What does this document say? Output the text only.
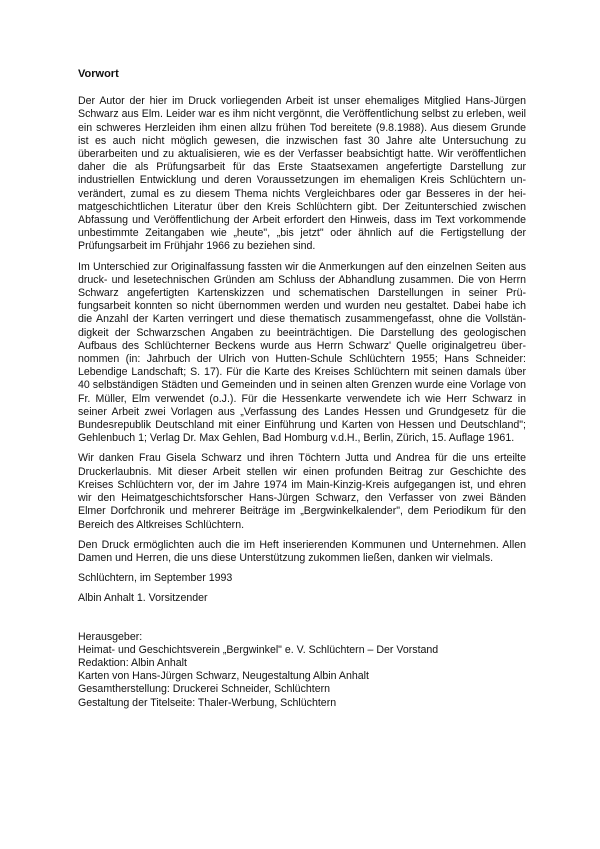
Vorwort

Der Autor der hier im Druck vorliegenden Arbeit ist unser ehemaliges Mitglied Hans-Jürgen Schwarz aus Elm. Leider war es ihm nicht vergönnt, die Veröffentlichung selbst zu erleben, weil ein schweres Herzleiden ihm einen allzu frühen Tod bereitete (9.8.1988). Aus diesem Grunde ist es auch nicht möglich gewesen, die inzwischen fast 30 Jahre alte Untersuchung zu überarbeiten und zu aktualisieren, wie es der Verfasser beabsichtigt hatte. Wir veröffentlichen daher die als Prüfungsarbeit für das Erste Staatsexamen angefertigte Darstellung zur industriellen Entwicklung und deren Voraussetzungen im ehemaligen Kreis Schlüchtern unverändert, zumal es zu diesem Thema nichts Vergleichbares oder gar Besseres in der heimatgeschichtlichen Literatur über den Kreis Schlüchtern gibt. Der Zeitunterschied zwischen Abfassung und Veröffentlichung der Arbeit erfordert den Hinweis, dass im Text vorkommende unbestimmte Zeitangaben wie „heute", „bis jetzt" oder ähnlich auf die Fertigstellung der Prüfungsarbeit im Frühjahr 1966 zu beziehen sind.

Im Unterschied zur Originalfassung fassten wir die Anmerkungen auf den einzelnen Seiten aus druck- und lesetechnischen Gründen am Schluss der Abhandlung zusammen. Die von Herrn Schwarz angefertigten Kartenskizzen und schematischen Darstellungen in seiner Prüfungsarbeit konnten so nicht übernommen werden und wurden neu gestaltet. Dabei habe ich die Anzahl der Karten verringert und diese thematisch zusammengefasst, ohne die Vollständigkeit der Schwarzschen Angaben zu beeinträchtigen. Die Darstellung des geologischen Aufbaus des Schlüchterner Beckens wurde aus Herrn Schwarz' Quelle originalgetreu übernommen (in: Jahrbuch der Ulrich von Hutten-Schule Schlüchtern 1955; Hans Schneider: Lebendige Landschaft; S. 17). Für die Karte des Kreises Schlüchtern mit seinen damals über 40 selbständigen Städten und Gemeinden und in seinen alten Grenzen wurde eine Vorlage von Fr. Müller, Elm verwendet (o.J.). Für die Hessenkarte verwendete ich wie Herr Schwarz in seiner Arbeit zwei Vorlagen aus „Verfassung des Landes Hessen und Grundgesetz für die Bundesrepublik Deutschland mit einer Einführung und Karten von Hessen und Deutschland"; Gehlenbuch 1; Verlag Dr. Max Gehlen, Bad Homburg v.d.H., Berlin, Zürich, 15. Auflage 1961.

Wir danken Frau Gisela Schwarz und ihren Töchtern Jutta und Andrea für die uns erteilte Druckerlaubnis. Mit dieser Arbeit stellen wir einen profunden Beitrag zur Geschichte des Kreises Schlüchtern vor, der im Jahre 1974 im Main-Kinzig-Kreis aufgegangen ist, und ehren wir den Heimatgeschichtsforscher Hans-Jürgen Schwarz, den Verfasser von zwei Bänden Elmer Dorfchronik und mehrerer Beiträge im „Bergwinkelkalender", dem Periodikum für den Bereich des Altkreises Schlüchtern.

Den Druck ermöglichten auch die im Heft inserierenden Kommunen und Unternehmen. Allen Damen und Herren, die uns diese Unterstützung zukommen ließen, danken wir vielmals.

Schlüchtern, im September 1993

Albin Anhalt 1. Vorsitzender

Herausgeber:

Heimat- und Geschichtsverein „Bergwinkel" e. V. Schlüchtern – Der Vorstand

Redaktion: Albin Anhalt

Karten von Hans-Jürgen Schwarz, Neugestaltung Albin Anhalt

Gesamtherstellung: Druckerei Schneider, Schlüchtern

Gestaltung der Titelseite: Thaler-Werbung, Schlüchtern
